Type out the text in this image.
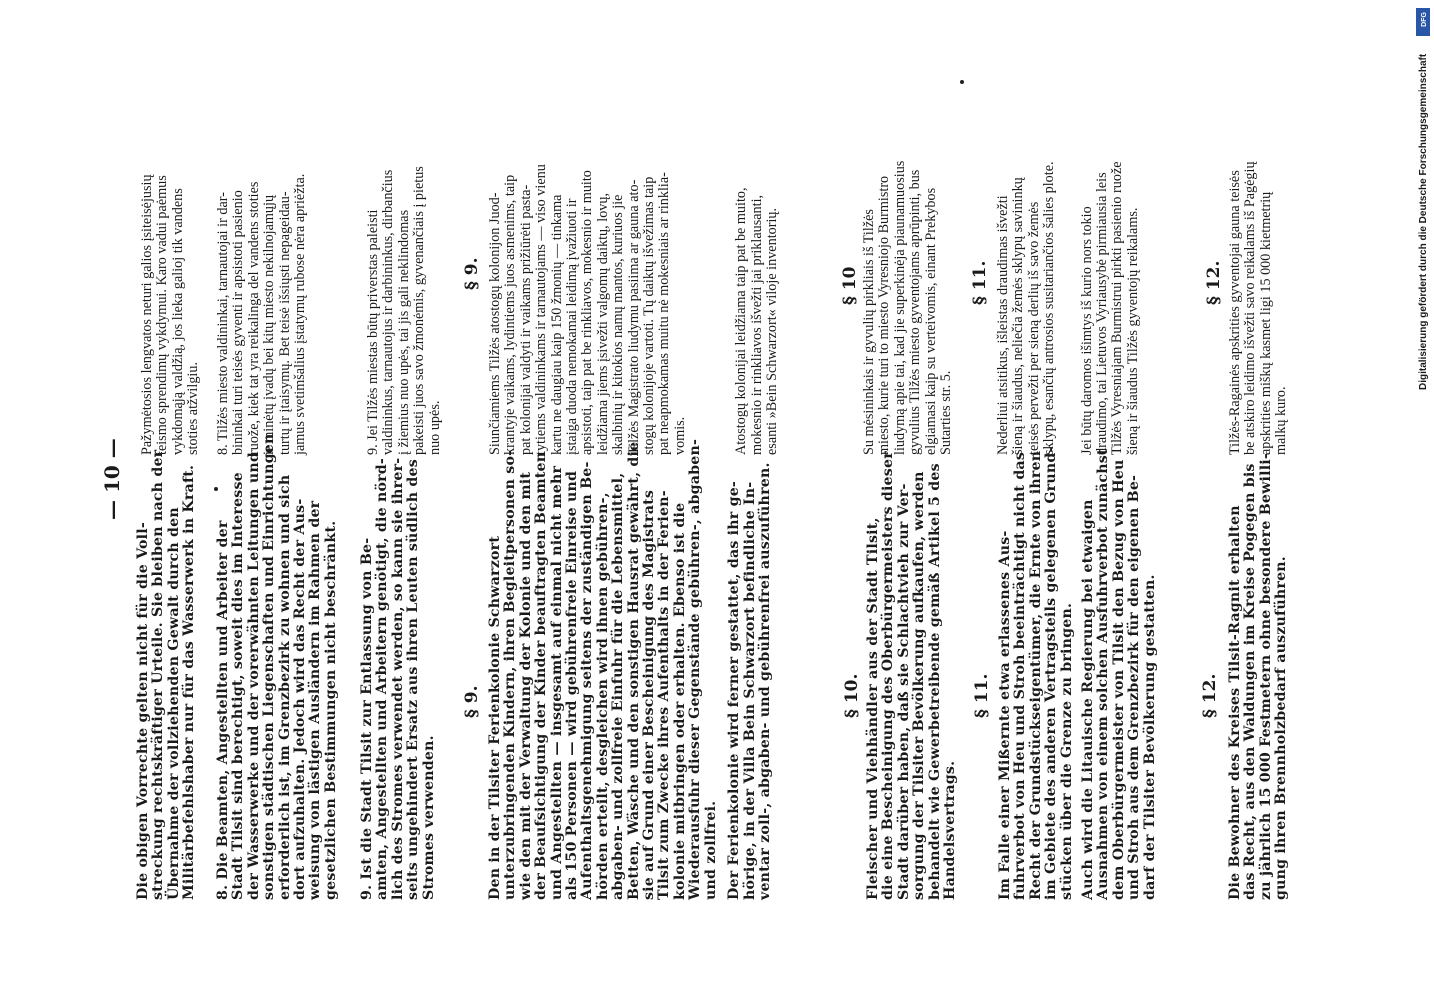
— 10 —
Die obigen Vorrechte gelten nicht für die Voll- streckung rechtskräftiger Urteile. Sie bleiben nach der Übernahme der vollziehenden Gewalt durch den Militärbefehlshaber nur für das Wasserwerk in Kraft. 8. Die Beamten, Angestellten und Arbeiter der Stadt Tilsit sind berechtigt, soweit dies im Interesse der Wasserwerke und der vorerwähnten Leitungen und sonstigen städtischen Liegenschaften und Einrichtungen erforderlich ist, im Grenzbezirk zu wohnen und sich dort aufzuhalten. Jedoch wird das Recht der Aus- weisung von lästigen Ausländern im Rahmen der gesetzlichen Bestimmungen nicht beschränkt. 9. Ist die Stadt Tilsit zur Entlassung von Be- amten, Angestellten und Arbeitern genötigt, die nörd- lich des Stromes verwendet werden, so kann sie ihrer- seits ungehindert Ersatz aus ihren Leuten südlich des Stromes verwenden.
§ 9. Den in der Tilsiter Ferienkolonie Schwarzort unterzubringenden Kindern, ihren Begleitpersonen so- wie den mit der Verwaltung der Kolonie und den mit der Beaufsichtigung der Kinder beauftragten Beamten und Angestellten — insgesamt auf einmal nicht mehr als 150 Personen — wird gebührenfreie Einreise und Aufenthaltsgenehmigung seitens der zuständigen Be- hörden erteilt, desgleichen wird ihnen gebühren-, abgaben- und zollfreie Einfuhr für die Lebensmittel, Betten, Wäsche und den sonstigen Hausrat gewährt, die sie auf Grund einer Bescheinigung des Magistrats Tilsit zum Zwecke ihres Aufenthalts in der Ferien- kolonie mitbringen oder erhalten. Ebenso ist die Wiederausfuhr dieser Gegenstände gebühren-, abgaben- und zollfrei. Der Ferienkolonie wird ferner gestattet, das ihr ge- hörige, in der Villa Bein Schwarzort befindliche In- ventar zoll-, abgaben- und gebührenfrei auszuführen.	§ 10. Fleischer und Viehhändler aus der Stadt Tilsit, die eine Bescheinigung des Oberbürgermeisters dieser Stadt darüber haben, daß sie Schlachtvieh zur Ver- sorgung der Tilsiter Bevölkerung aufkaufen, werden behandelt wie Gewerbetreibende gemäß Artikel 5 des Handelsvertrags.
§ 11. Im Falle einer Mißernte etwa erlassenes Aus- fuhrverbot von Heu und Stroh beeinträchtigt nicht das Recht der Grundstückseigentümer, die Ernte von ihren im Gebiete des anderen Vertragsteils gelegenen Grund- stücken über die Grenze zu bringen. Auch wird die Litauische Regierung bei etwaigen Ausnahmen von einem solchen Ausfuhrverbot zunächst dem Oberbürgermeister von Tilsit den Bezug von Heu und Stroh aus dem Grenzbezirk für den eigenen Be- darf der Tilsiter Bevölkerung gestatten. § 12. Die Bewohner des Kreises Tilsit-Ragnit erhalten das Recht, aus den Waldungen im Kreise Pogegen bis zu jährlich 15 000 Festmetern ohne besondere Bewilli- gung ihren Brennholzbedarf auszuführen.
Pažymėtosios lengvatos neturi galios įsiteisėjusių teismo sprendimų vykdymui. Karo vadui paėmus vykdomąją valdžią, jos lieka galioj tik vandens stoties atžvilgiu. 8. Tilžės miesto valdininkai, tarnautojai ir dar- bininkai turi teisės gyventi ir apsistoti pasienio ruože, kiek tat yra reikalinga del vandens stoties ir minėtų įvadų bei kitų miesto nekilnojamųjų turtų ir įtaisymų. Bet teisė išsiųsti nepageidau- jamus svetimšalius įstatymų rubose nėra apriėžta.	9. Jei Tilžės miestas būtų priverstas paleisti valdininkus, tarnautojus ir darbininkus, dirbančius į žiemius nuo upės, tai jis gali neklindomas pakeisti juos savo žmonėmis, gyvenančiais į pietus nuo upės.
§ 9. Siunčiamiems Tilžės atostogų kolonijon Juod- krantyje vaikams, lydintiems juos asmenims, taip pat kolonijai valdyti ir vaikams prižiūrėti pasta- tytiems valdininkams ir tarnautojams — viso vienu kartu ne daugiau kaip 150 žmonių — tinkama įstaiga duoda nemokamai leidimą įvažiuoti ir apsistoti, taip pat be rinkliavos, mokesnio ir muito leidžiama jiems įsivežti valgomų daiktų, lovų, skalbinių ir kitokios namų mantos, kuriuos jie Tilžės Magistrato liudymu pasiima ar gauna ato- stogų kolonijoje vartoti. Tų daiktų išvežimas taip pat neapmokamas muitu nė mokesniais ar rinklia- vomis.	Atostogų kolonijai leidžiama taip pat be muito, mokesnio ir rinkliavos išvežti jai priklausanti, esanti »Bein Schwarzort« viloje inventorių.	§ 10 Su mėsininkais ir gyvulių pirkliais iš Tilžės miesto, kurie turi to miesto Vyresniojo Burmistro liudymą apie tai, kad jie superkinėja piaunamuosius gyvulius Tilžės miesto gyventojams aprūpinti, bus elgiamasi kaip su verteivomis, einant Prekybos Sutarties str. 5.
§ 11. Nederliui atsitikus, išleistas draudimas išvežti šieną ir šiaudus, neliečia žemės sklypų savininkų teisės pervežti per sieną derlių iš savo žemės sklypų, esančių antrosios susitariančios šalies plote. Jei būtų daromos išimtys iš kurio nors tokio draudimo, tai Lietuvos Vyriausybė pirmiausia leis Tilžės Vyresniajam Burmistrui pirkti pasienio ruože šieną ir šiaudus Tilžės gyventojų reikalams.	§ 12. Tilžės-Ragainės apskrities gyventojai gauna teisės be atskiro leidimo išvežti savo reikalams iš Pagėgių apskrities miškų kasmet ligi 15 000 kietmetrių malkų kuro.
DFG
Digitalisierung gefördert durch die Deutsche Forschungsgemeinschaft
